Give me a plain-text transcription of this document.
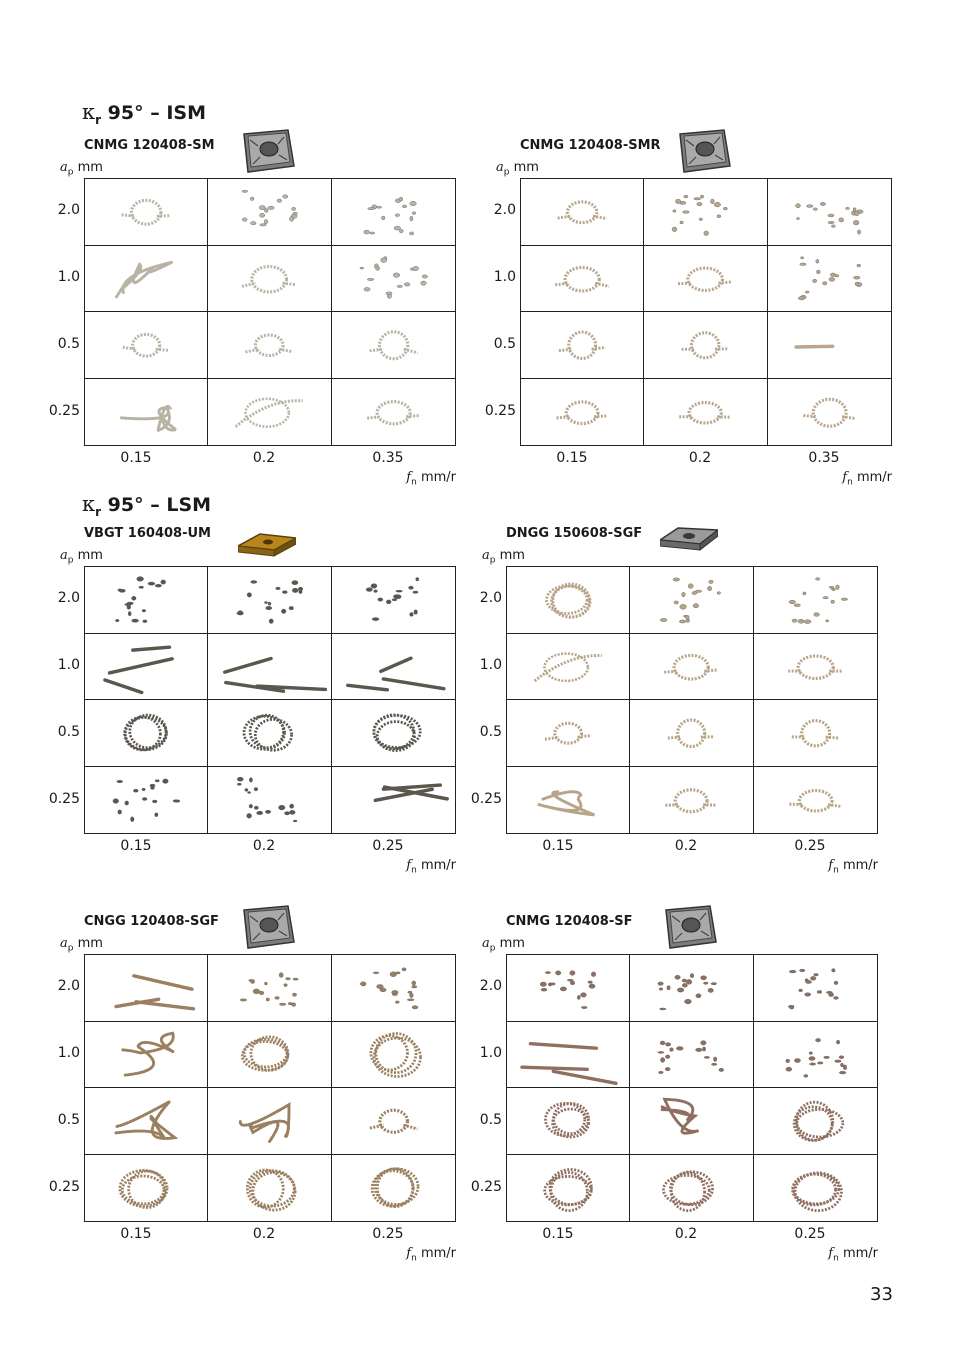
$\kappa_r$ 95° – ISM
$\kappa_r$ 95° – LSM
CNMG 120408-SM
$a_p$ mm
2.0
1.0
0.5
0.25
0.15	0.2	0.35
$f_n$ mm/r
CNMG 120408-SMR
$a_p$ mm
2.0
1.0
0.5
0.25
0.15	0.2	0.35
$f_n$ mm/r
VBGT 160408-UM
$a_p$ mm
2.0
1.0
0.5
0.25
0.15	0.2	0.25
$f_n$ mm/r
DNGG 150608-SGF
$a_p$ mm
2.0
1.0
0.5
0.25
0.15	0.2	0.25
$f_n$ mm/r
CNGG 120408-SGF
$a_p$ mm
2.0
1.0
0.5
0.25
0.15	0.2	0.25
$f_n$ mm/r
CNMG 120408-SF
$a_p$ mm
2.0
1.0
0.5
0.25
0.15	0.2	0.25
$f_n$ mm/r
33
